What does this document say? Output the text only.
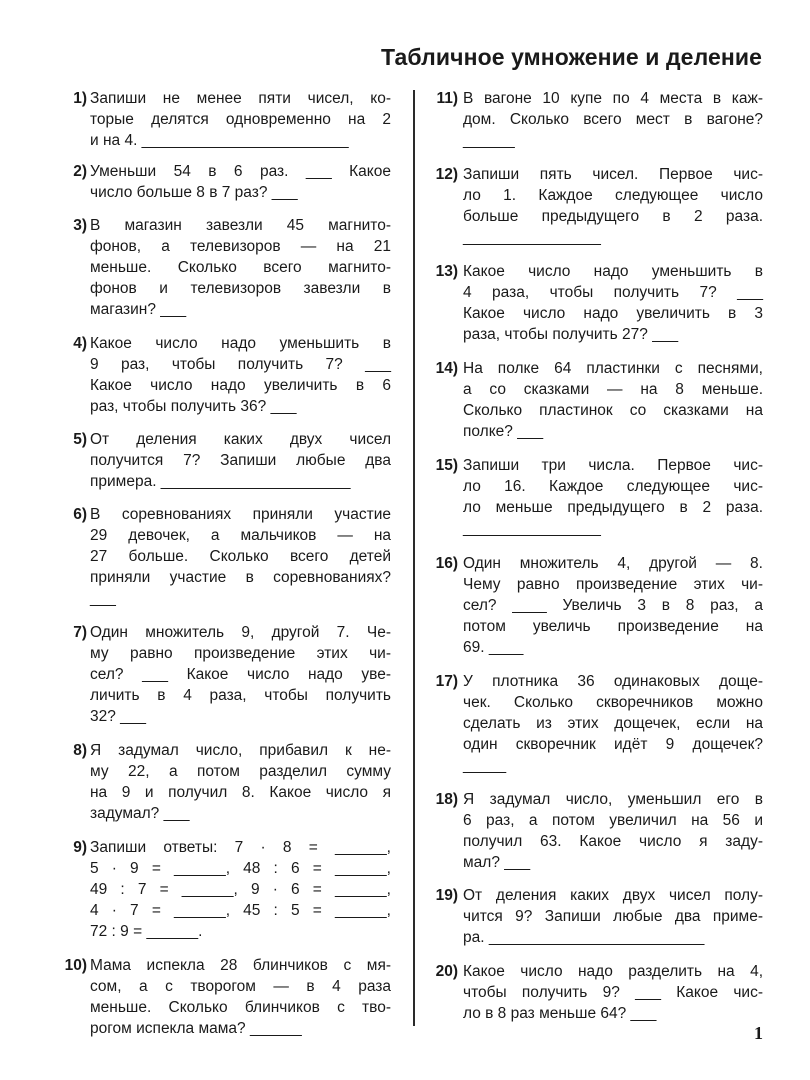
Табличное умножение и деление
1) Запиши не менее пяти чисел, ко-
торые делятся одновременно на 2
и на 4. ________________________
2) Уменьши 54 в 6 раз. ___ Какое
число больше 8 в 7 раз? ___
3) В магазин завезли 45 магнито-
фонов, а телевизоров — на 21
меньше. Сколько всего магнито-
фонов и телевизоров завезли в
магазин? ___
4) Какое число надо уменьшить в
9 раз, чтобы получить 7? ___
Какое число надо увеличить в 6
раз, чтобы получить 36? ___
5) От деления каких двух чисел
получится 7? Запиши любые два
примера. ______________________
6) В соревнованиях приняли участие
29 девочек, а мальчиков — на
27 больше. Сколько всего детей
приняли участие в соревнованиях?
___
7) Один множитель 9, другой 7. Че-
му равно произведение этих чи-
сел? ___ Какое число надо уве-
личить в 4 раза, чтобы получить
32? ___
8) Я задумал число, прибавил к не-
му 22, а потом разделил сумму
на 9 и получил 8. Какое число я
задумал? ___
9) Запиши ответы: 7 · 8 = ______,
5 · 9 = ______, 48 : 6 = ______,
49 : 7 = ______, 9 · 6 = ______,
4 · 7 = ______, 45 : 5 = ______,
72 : 9 = ______.
10) Мама испекла 28 блинчиков с мя-
сом, а с творогом — в 4 раза
меньше. Сколько блинчиков с тво-
рогом испекла мама? ______
11) В вагоне 10 купе по 4 места в каж-
дом. Сколько всего мест в вагоне?
______
12) Запиши пять чисел. Первое чис-
ло 1. Каждое следующее число
больше предыдущего в 2 раза.
________________
13) Какое число надо уменьшить в
4 раза, чтобы получить 7? ___
Какое число надо увеличить в 3
раза, чтобы получить 27? ___
14) На полке 64 пластинки с песнями,
а со сказками — на 8 меньше.
Сколько пластинок со сказками на
полке? ___
15) Запиши три числа. Первое чис-
ло 16. Каждое следующее чис-
ло меньше предыдущего в 2 раза.
________________
16) Один множитель 4, другой — 8.
Чему равно произведение этих чи-
сел? ____ Увеличь 3 в 8 раз, а
потом увеличь произведение на
69. ____
17) У плотника 36 одинаковых доще-
чек. Сколько скворечников можно
сделать из этих дощечек, если на
один скворечник идёт 9 дощечек?
_____
18) Я задумал число, уменьшил его в
6 раз, а потом увеличил на 56 и
получил 63. Какое число я заду-
мал? ___
19) От деления каких двух чисел полу-
чится 9? Запиши любые два приме-
ра. _________________________
20) Какое число надо разделить на 4,
чтобы получить 9? ___ Какое чис-
ло в 8 раз меньше 64? ___
1
